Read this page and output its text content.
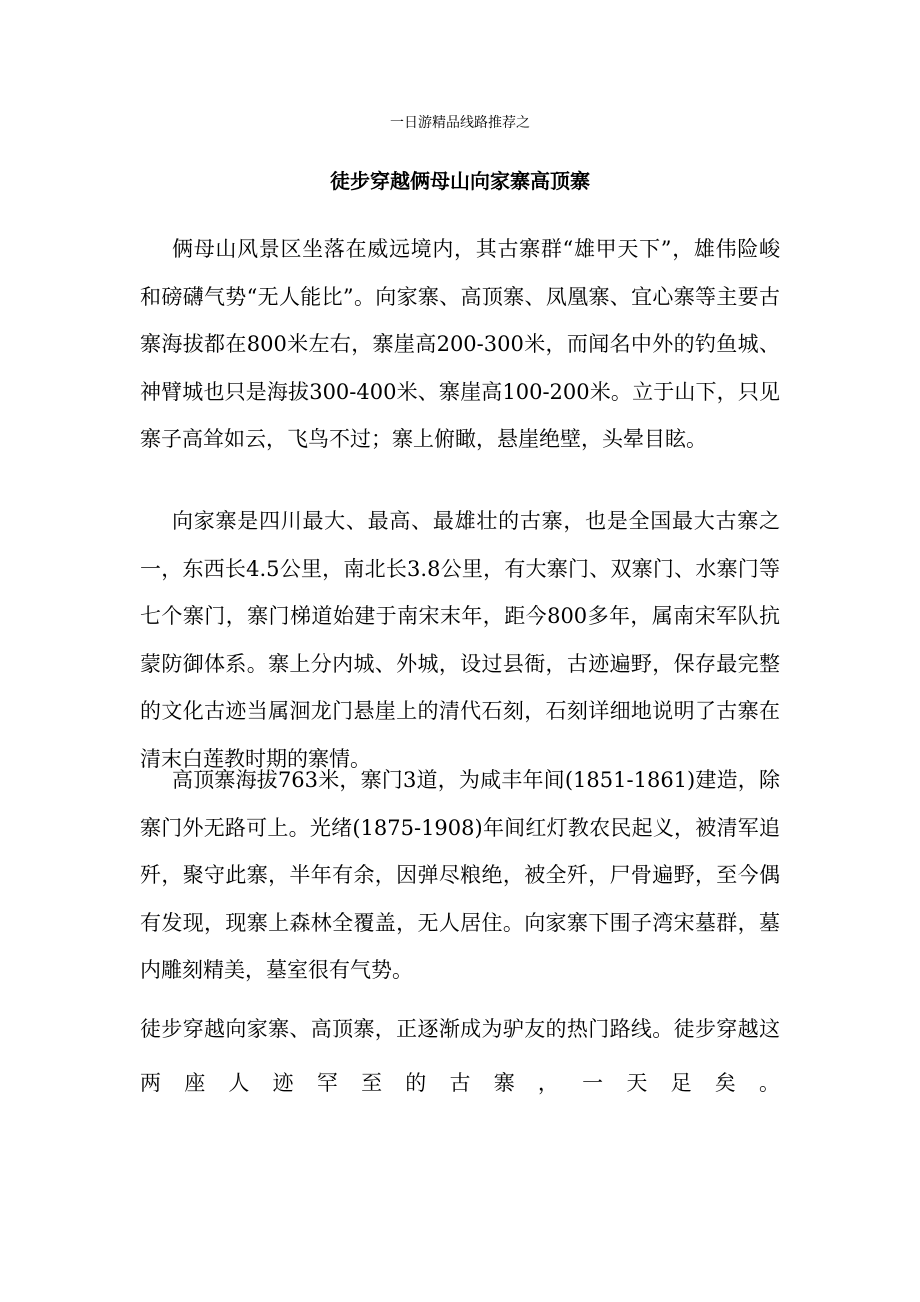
一日游精品线路推荐之
徒步穿越俩母山向家寨高顶寨

俩母山风景区坐落在威远境内，其古寨群“雄甲天下”，雄伟险峻和磅礴气势“无人能比”。向家寨、高顶寨、凤凰寨、宜心寨等主要古寨海拔都在800米左右，寨崖高200-300米，而闻名中外的钓鱼城、神臂城也只是海拔300-400米、寨崖高100-200米。立于山下，只见寨子高耸如云，飞鸟不过；寨上俯瞰，悬崖绝壁，头晕目眩。

向家寨是四川最大、最高、最雄壮的古寨，也是全国最大古寨之一，东西长4.5公里，南北长3.8公里，有大寨门、双寨门、水寨门等七个寨门，寨门梯道始建于南宋末年，距今800多年，属南宋军队抗蒙防御体系。寨上分内城、外城，设过县衙，古迹遍野，保存最完整的文化古迹当属洄龙门悬崖上的清代石刻，石刻详细地说明了古寨在清末白莲教时期的寨情。

高顶寨海拔763米，寨门3道，为咸丰年间(1851-1861)建造，除寨门外无路可上。光绪(1875-1908)年间红灯教农民起义，被清军追歼，聚守此寨，半年有余，因弹尽粮绝，被全歼，尸骨遍野，至今偶有发现，现寨上森林全覆盖，无人居住。向家寨下围子湾宋墓群，墓内雕刻精美，墓室很有气势。

徒步穿越向家寨、高顶寨，正逐渐成为驴友的热门路线。徒步穿越这两座人迹罕至的古寨，一天足矣。
